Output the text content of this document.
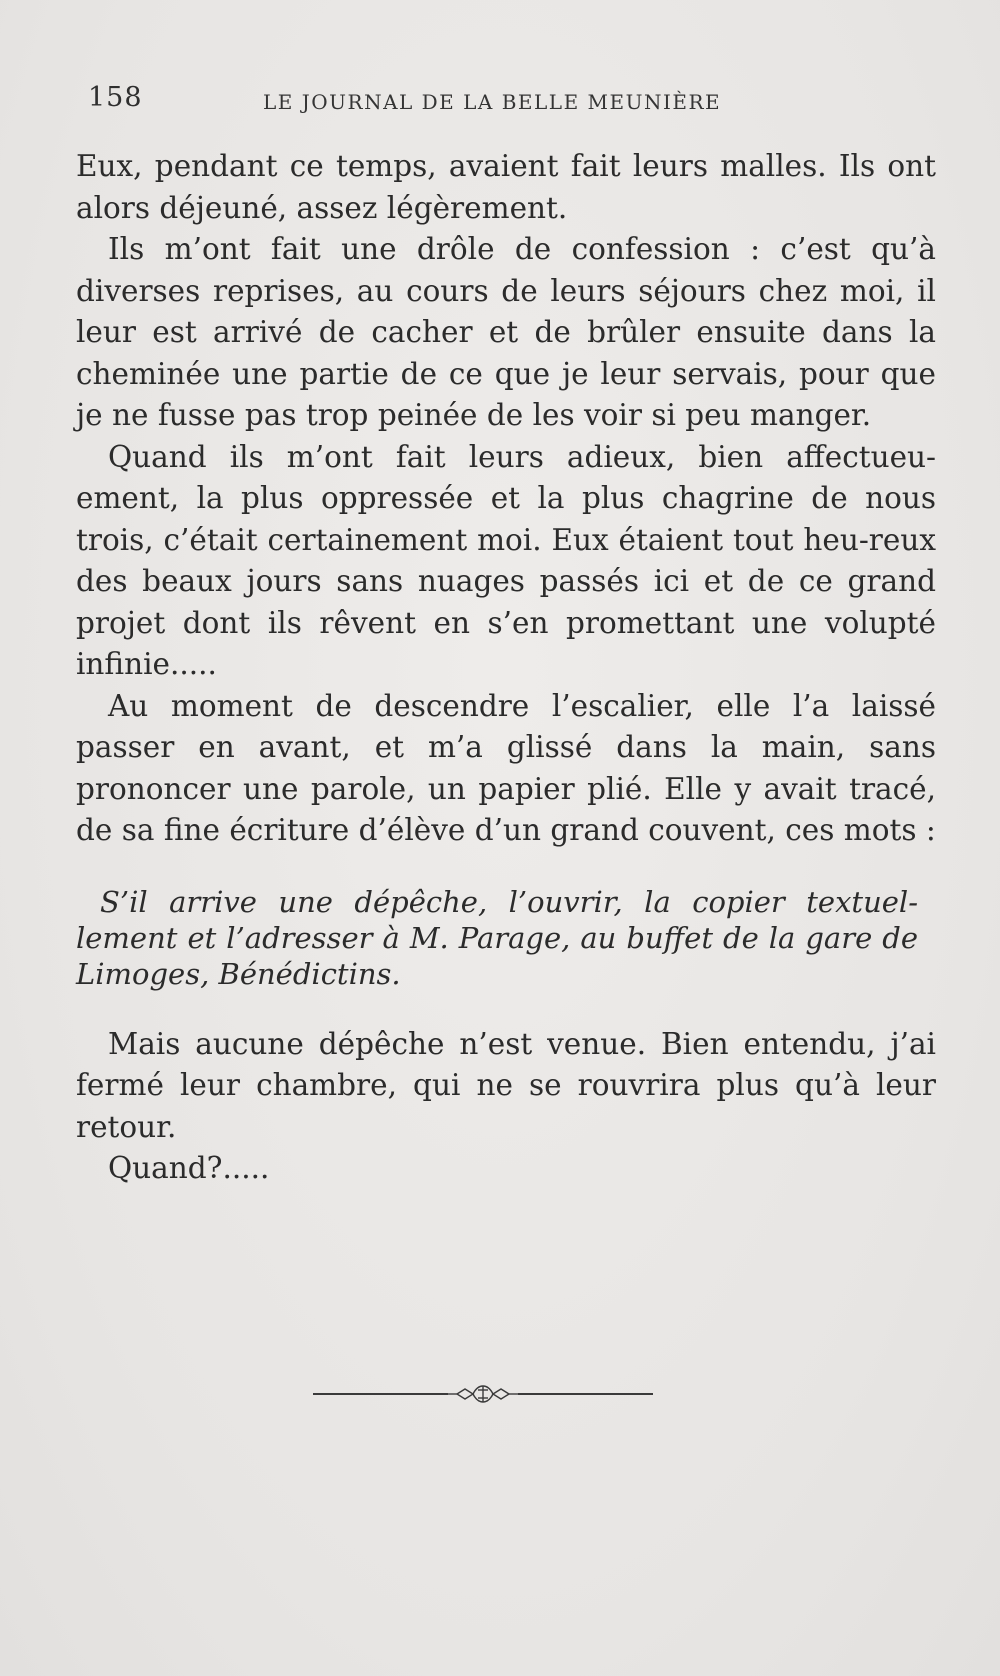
158	LE JOURNAL DE LA BELLE MEUNIÈRE

Eux, pendant ce temps, avaient fait leurs malles. Ils ont alors déjeuné, assez légèrement.

Ils m’ont fait une drôle de confession : c’est qu’à diverses reprises, au cours de leurs séjours chez moi, il leur est arrivé de cacher et de brûler ensuite dans la cheminée une partie de ce que je leur servais, pour que je ne fusse pas trop peinée de les voir si peu manger.

Quand ils m’ont fait leurs adieux, bien affectueu-ement, la plus oppressée et la plus chagrine de nous trois, c’était certainement moi. Eux étaient tout heu-reux des beaux jours sans nuages passés ici et de ce grand projet dont ils rêvent en s’en promettant une volupté infinie.....

Au moment de descendre l’escalier, elle l’a laissé passer en avant, et m’a glissé dans la main, sans prononcer une parole, un papier plié. Elle y avait tracé, de sa fine écriture d’élève d’un grand couvent, ces mots :

S’il arrive une dépêche, l’ouvrir, la copier textuel-lement et l’adresser à M. Parage, au buffet de la gare de Limoges, Bénédictins.

Mais aucune dépêche n’est venue. Bien entendu, j’ai fermé leur chambre, qui ne se rouvrira plus qu’à leur retour.

Quand?.....
